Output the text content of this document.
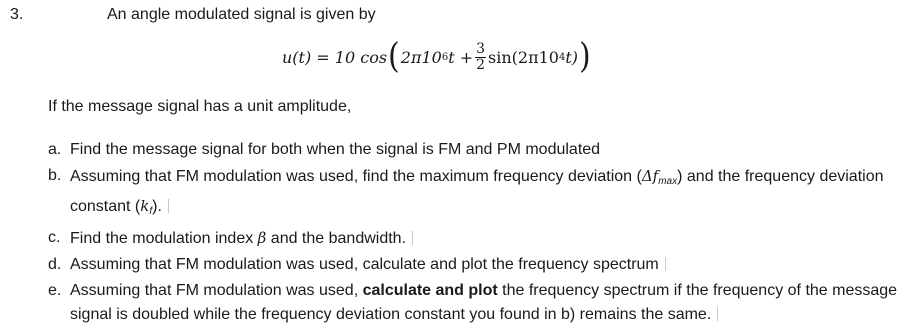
3.	An angle modulated signal is given by
u(t) = 10 cos ( 2π10 6 $t + \frac{3}{2} \sin(2\pi 10$ 4 t) )
If the message signal has a unit amplitude,
a. Find the message signal for both when the signal is FM and PM modulated
b. Assuming that FM modulation was used, find the maximum frequency deviation (Δfmax) and the frequency deviation constant (kf).
c. Find the modulation index β and the bandwidth.
d. Assuming that FM modulation was used, calculate and plot the frequency spectrum
e. Assuming that FM modulation was used, calculate and plot the frequency spectrum if the frequency of the message signal is doubled while the frequency deviation constant you found in b) remains the same.
